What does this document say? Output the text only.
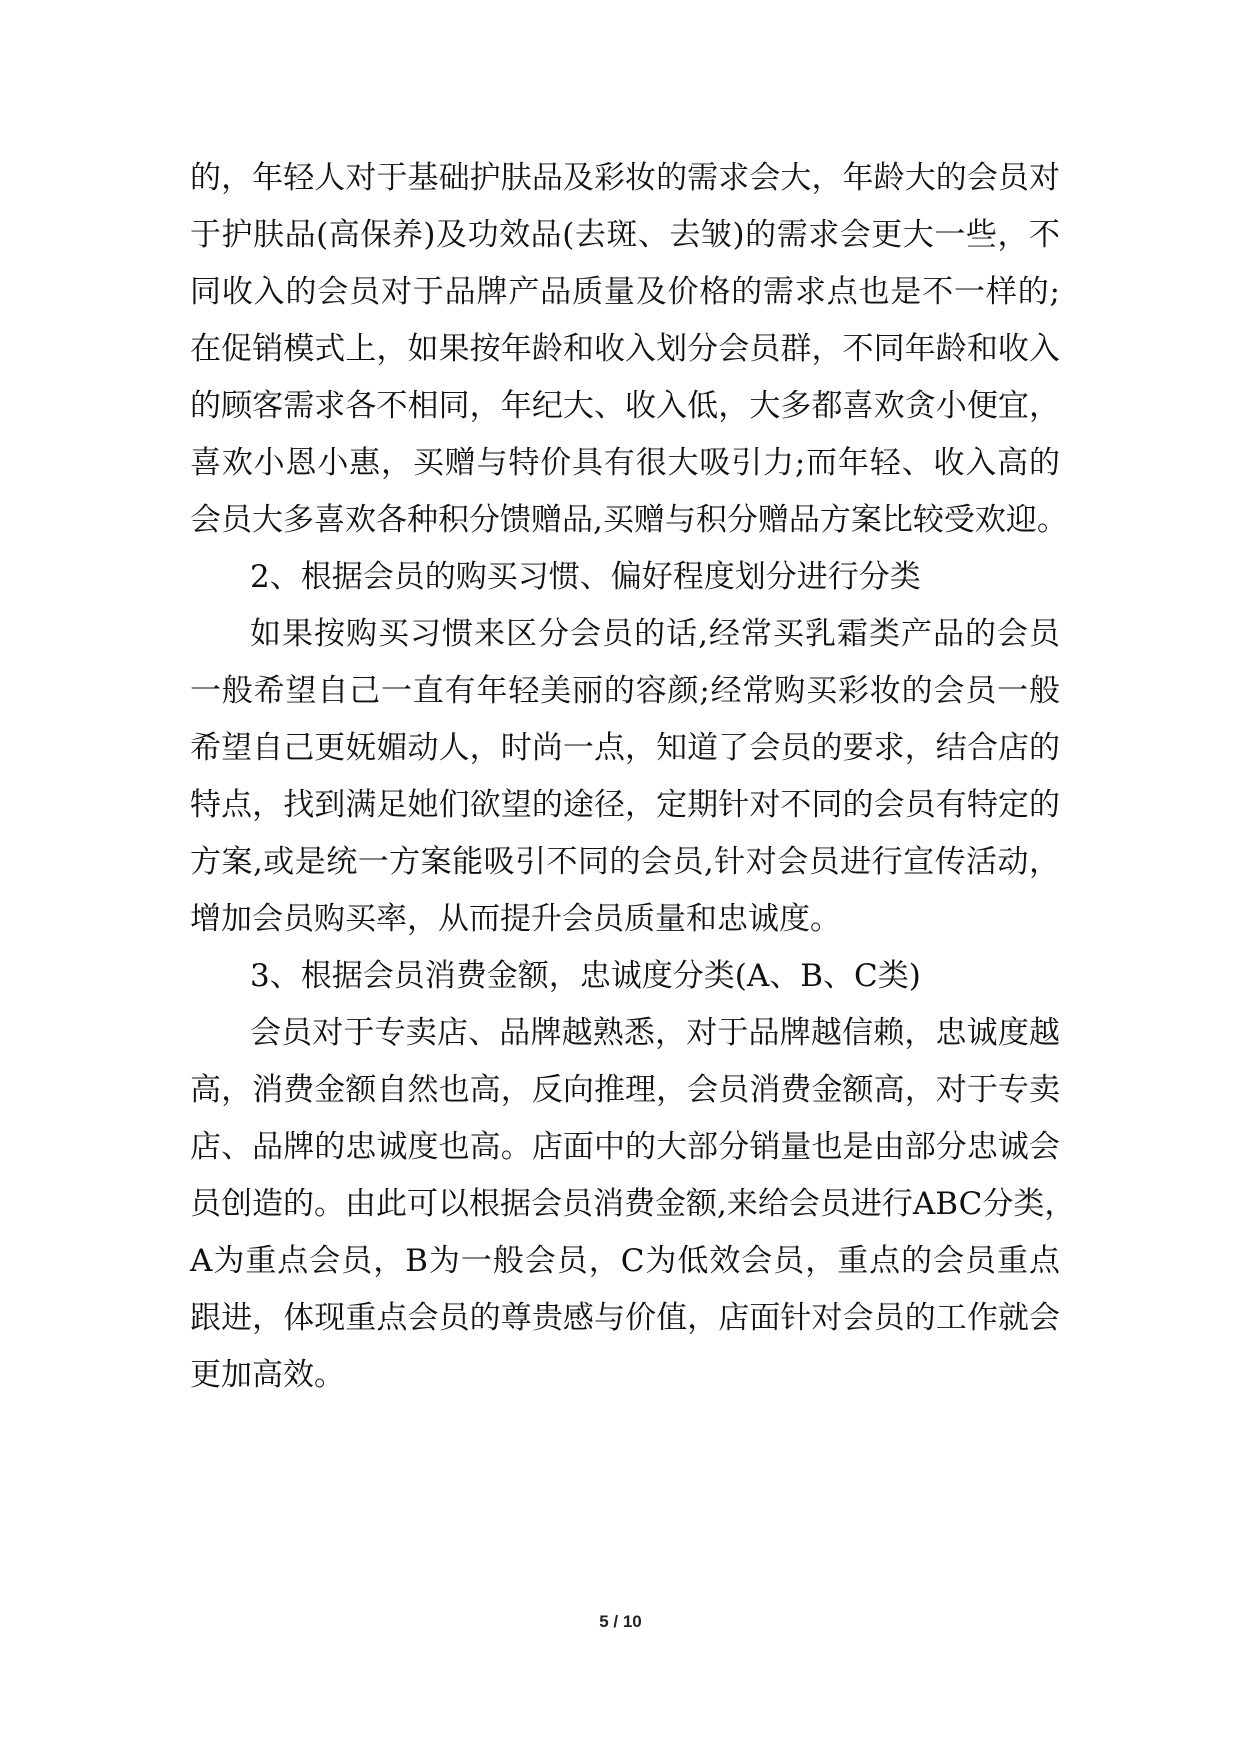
的，年轻人对于基础护肤品及彩妆的需求会大，年龄大的会员对
于护肤品(高保养)及功效品(去斑、去皱)的需求会更大一些，不
同收入的会员对于品牌产品质量及价格的需求点也是不一样的;
在促销模式上，如果按年龄和收入划分会员群，不同年龄和收入
的顾客需求各不相同，年纪大、收入低，大多都喜欢贪小便宜，
喜欢小恩小惠，买赠与特价具有很大吸引力;而年轻、收入高的
会员大多喜欢各种积分馈赠品,买赠与积分赠品方案比较受欢迎。
2、根据会员的购买习惯、偏好程度划分进行分类
如果按购买习惯来区分会员的话,经常买乳霜类产品的会员
一般希望自己一直有年轻美丽的容颜;经常购买彩妆的会员一般
希望自己更妩媚动人，时尚一点，知道了会员的要求，结合店的
特点，找到满足她们欲望的途径，定期针对不同的会员有特定的
方案,或是统一方案能吸引不同的会员,针对会员进行宣传活动，
增加会员购买率，从而提升会员质量和忠诚度。
3、根据会员消费金额，忠诚度分类(A、B、C类)
会员对于专卖店、品牌越熟悉，对于品牌越信赖，忠诚度越
高，消费金额自然也高，反向推理，会员消费金额高，对于专卖
店、品牌的忠诚度也高。店面中的大部分销量也是由部分忠诚会
员创造的。由此可以根据会员消费金额,来给会员进行ABC分类，
A为重点会员，B为一般会员，C为低效会员，重点的会员重点
跟进，体现重点会员的尊贵感与价值，店面针对会员的工作就会
更加高效。
5 / 10
